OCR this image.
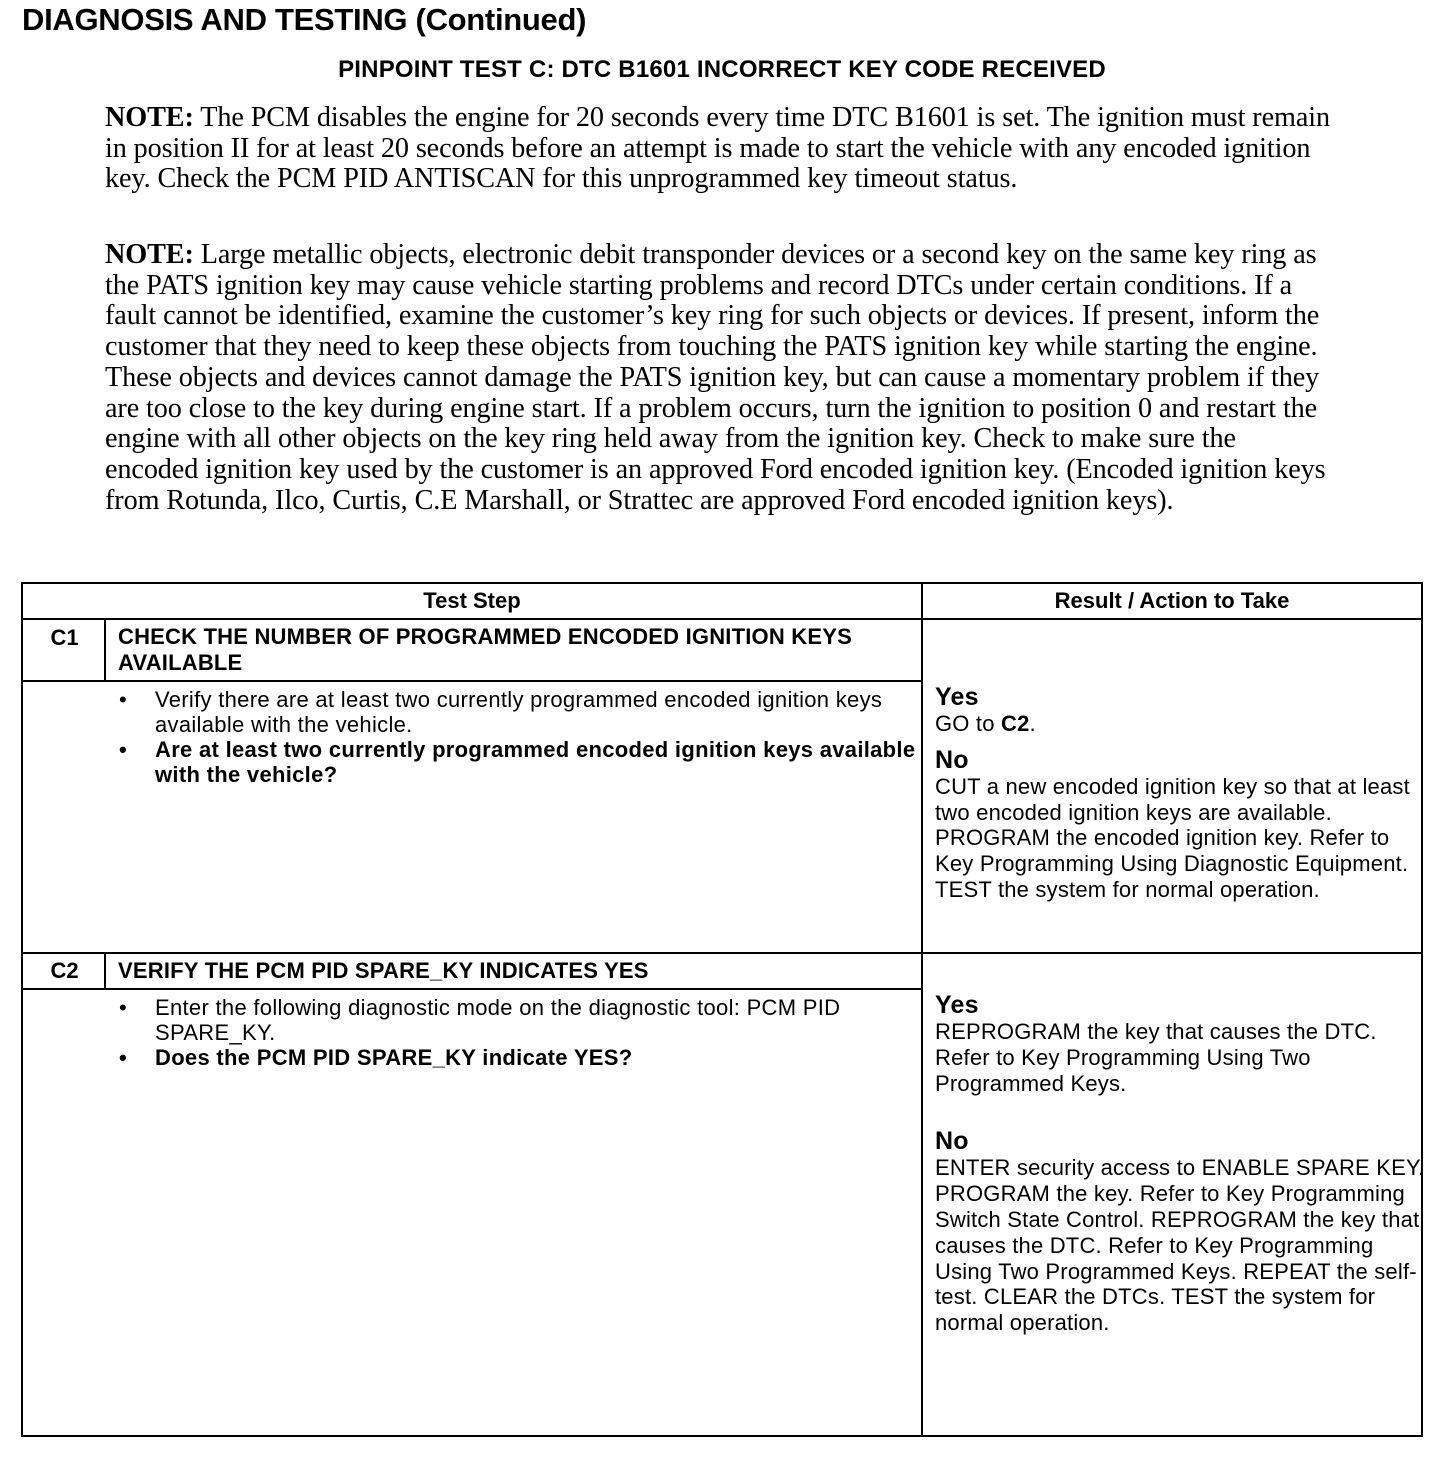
DIAGNOSIS AND TESTING (Continued)
PINPOINT TEST C: DTC B1601 INCORRECT KEY CODE RECEIVED
NOTE: The PCM disables the engine for 20 seconds every time DTC B1601 is set. The ignition must remain in position II for at least 20 seconds before an attempt is made to start the vehicle with any encoded ignition key. Check the PCM PID ANTISCAN for this unprogrammed key timeout status.
NOTE: Large metallic objects, electronic debit transponder devices or a second key on the same key ring as the PATS ignition key may cause vehicle starting problems and record DTCs under certain conditions. If a fault cannot be identified, examine the customer’s key ring for such objects or devices. If present, inform the customer that they need to keep these objects from touching the PATS ignition key while starting the engine. These objects and devices cannot damage the PATS ignition key, but can cause a momentary problem if they are too close to the key during engine start. If a problem occurs, turn the ignition to position 0 and restart the engine with all other objects on the key ring held away from the ignition key. Check to make sure the encoded ignition key used by the customer is an approved Ford encoded ignition key. (Encoded ignition keys from Rotunda, Ilco, Curtis, C.E Marshall, or Strattec are approved Ford encoded ignition keys).
Test Step	Result / Action to Take
C1	CHECK THE NUMBER OF PROGRAMMED ENCODED IGNITION KEYS AVAILABLE
• Verify there are at least two currently programmed encoded ignition keys available with the vehicle.
• Are at least two currently programmed encoded ignition keys available with the vehicle?
Yes
GO to C2.
No
CUT a new encoded ignition key so that at least two encoded ignition keys are available. PROGRAM the encoded ignition key. Refer to Key Programming Using Diagnostic Equipment. TEST the system for normal operation.
C2	VERIFY THE PCM PID SPARE_KY INDICATES YES
• Enter the following diagnostic mode on the diagnostic tool: PCM PID SPARE_KY.
• Does the PCM PID SPARE_KY indicate YES?
Yes
REPROGRAM the key that causes the DTC. Refer to Key Programming Using Two Programmed Keys.
No
ENTER security access to ENABLE SPARE KEY. PROGRAM the key. Refer to Key Programming Switch State Control. REPROGRAM the key that causes the DTC. Refer to Key Programming Using Two Programmed Keys. REPEAT the self-test. CLEAR the DTCs. TEST the system for normal operation.
